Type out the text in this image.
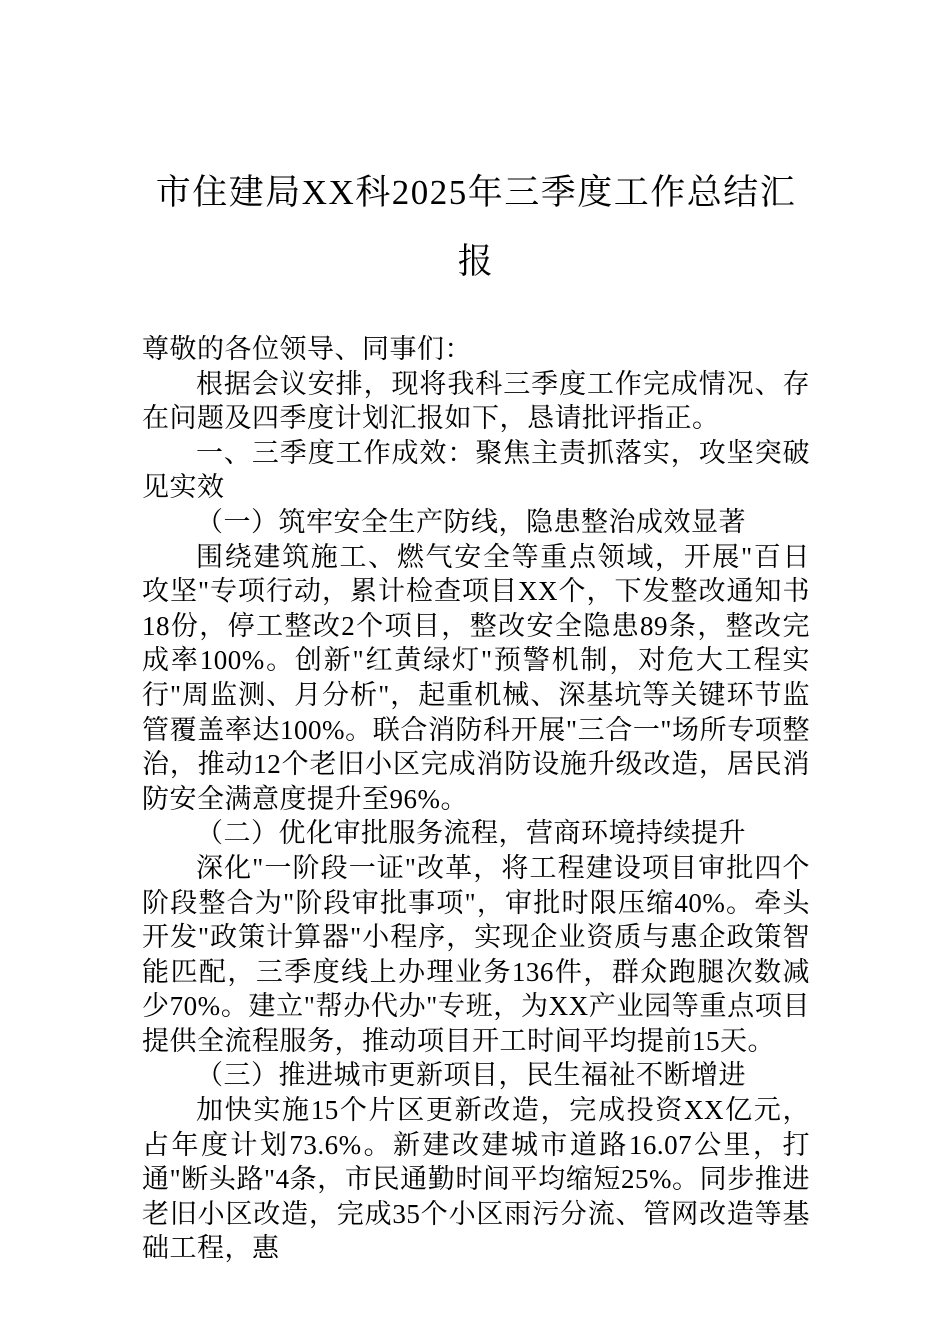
市住建局XX科2025年三季度工作总结汇报

尊敬的各位领导、同事们：

根据会议安排，现将我科三季度工作完成情况、存在问题及四季度计划汇报如下，恳请批评指正。

一、三季度工作成效：聚焦主责抓落实，攻坚突破见实效

（一）筑牢安全生产防线，隐患整治成效显著

围绕建筑施工、燃气安全等重点领域，开展"百日攻坚"专项行动，累计检查项目XX个，下发整改通知书18份，停工整改2个项目，整改安全隐患89条，整改完成率100%。创新"红黄绿灯"预警机制，对危大工程实行"周监测、月分析"，起重机械、深基坑等关键环节监管覆盖率达100%。联合消防科开展"三合一"场所专项整治，推动12个老旧小区完成消防设施升级改造，居民消防安全满意度提升至96%。

（二）优化审批服务流程，营商环境持续提升

深化"一阶段一证"改革，将工程建设项目审批四个阶段整合为"阶段审批事项"，审批时限压缩40%。牵头开发"政策计算器"小程序，实现企业资质与惠企政策智能匹配，三季度线上办理业务136件，群众跑腿次数减少70%。建立"帮办代办"专班，为XX产业园等重点项目提供全流程服务，推动项目开工时间平均提前15天。

（三）推进城市更新项目，民生福祉不断增进

加快实施15个片区更新改造，完成投资XX亿元，占年度计划73.6%。新建改建城市道路16.07公里，打通"断头路"4条，市民通勤时间平均缩短25%。同步推进老旧小区改造，完成35个小区雨污分流、管网改造等基础工程，惠
